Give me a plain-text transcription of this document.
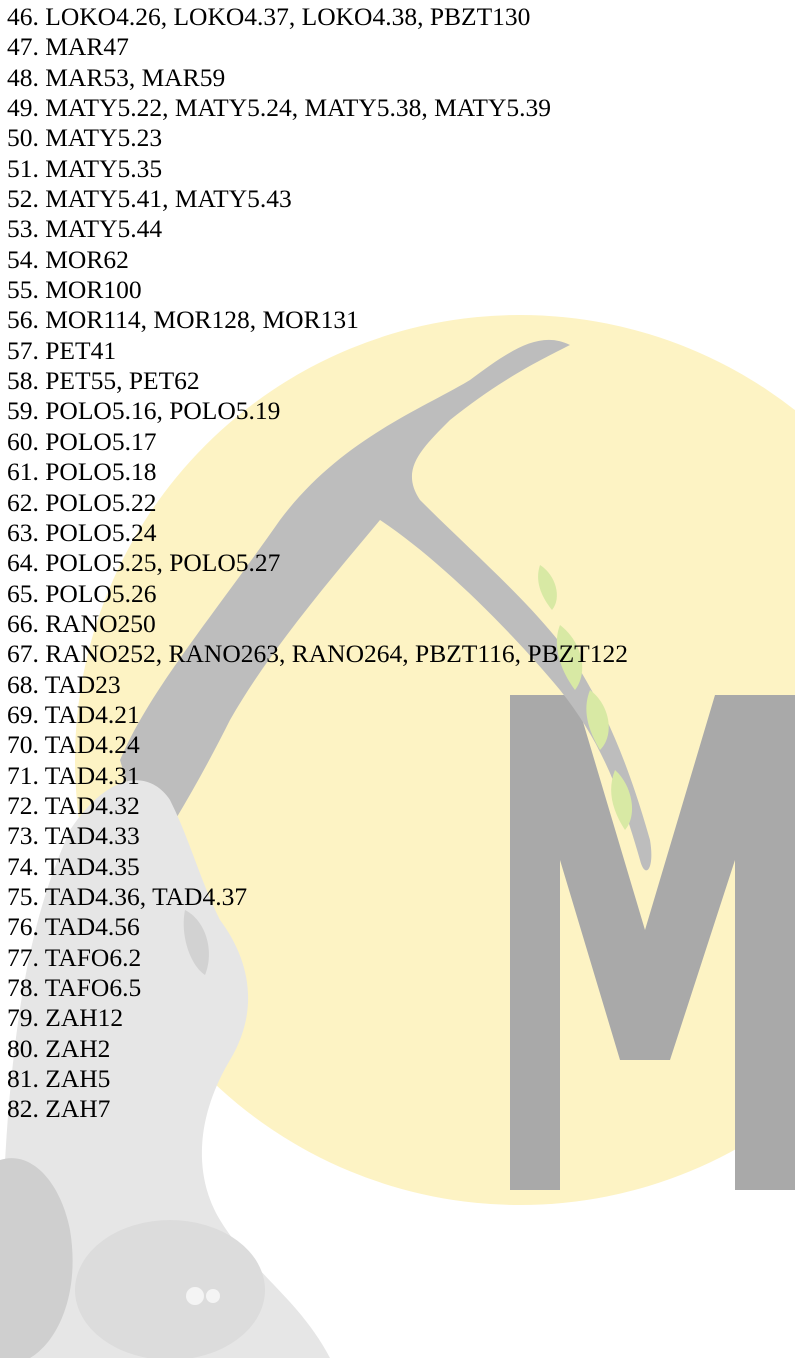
46. LOKO4.26, LOKO4.37, LOKO4.38, PBZT130
47. MAR47
48. MAR53, MAR59
49. MATY5.22, MATY5.24, MATY5.38, MATY5.39
50. MATY5.23
51. MATY5.35
52. MATY5.41, MATY5.43
53. MATY5.44
54. MOR62
55. MOR100
56. MOR114, MOR128, MOR131
57. PET41
58. PET55, PET62
59. POLO5.16, POLO5.19
60. POLO5.17
61. POLO5.18
62. POLO5.22
63. POLO5.24
64. POLO5.25, POLO5.27
65. POLO5.26
66. RANO250
67. RANO252, RANO263, RANO264, PBZT116, PBZT122
68. TAD23
69. TAD4.21
70. TAD4.24
71. TAD4.31
72. TAD4.32
73. TAD4.33
74. TAD4.35
75. TAD4.36, TAD4.37
76. TAD4.56
77. TAFO6.2
78. TAFO6.5
79. ZAH12
80. ZAH2
81. ZAH5
82. ZAH7
